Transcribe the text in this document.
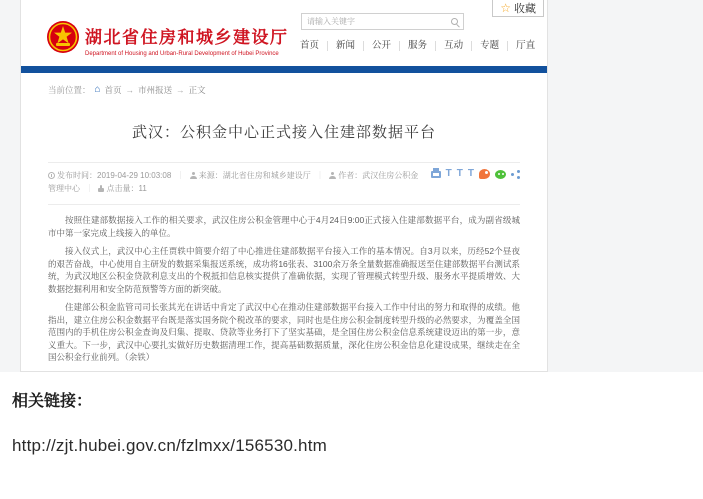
☆ 收藏
请输入关键字
湖北省住房和城乡建设厅
Department of Housing and Urban-Rural Development of Hubei Province
首页	新闻	公开	服务	互动	专题	厅直
当前位置： ⌂ 首页 → 市州报送 → 正文
武汉：公积金中心正式接入住建部数据平台
T T T
发布时间：2019-04-29 10:03:08 ｜ 来源：湖北省住房和城乡建设厅 ｜ 作者：武汉住房公积金管理中心 ｜ 点击量：11

按照住建部数据接入工作的相关要求，武汉住房公积金管理中心于4月24日9:00正式接入住建部数据平台，成为副省级城市中第一家完成上线接入的单位。

接入仪式上，武汉中心主任贾轶中简要介绍了中心推进住建部数据平台接入工作的基本情况。自3月以来，历经52个昼夜的艰苦奋战，中心使用自主研发的数据采集报送系统，成功将16张表、3100余万条全量数据准确报送至住建部数据平台测试系统，为武汉地区公积金贷款利息支出的个税抵扣信息核实提供了准确依据，实现了管理模式转型升级、服务水平提质增效、大数据挖掘利用和安全防范预警等方面的新突破。

住建部公积金监管司司长张其光在讲话中肯定了武汉中心在推动住建部数据平台接入工作中付出的努力和取得的成绩。他指出，建立住房公积金数据平台既是落实国务院个税改革的要求，同时也是住房公积金制度转型升级的必然要求，为覆盖全国范围内的手机住房公积金查询及归集、提取、贷款等业务打下了坚实基础，是全国住房公积金信息系统建设迈出的第一步，意义重大。下一步，武汉中心要扎实做好历史数据清理工作，提高基础数据质量，深化住房公积金信息化建设成果，继续走在全国公积金行业前列。（余铁）

相关链接：
http://zjt.hubei.gov.cn/fzlmxx/156530.htm
